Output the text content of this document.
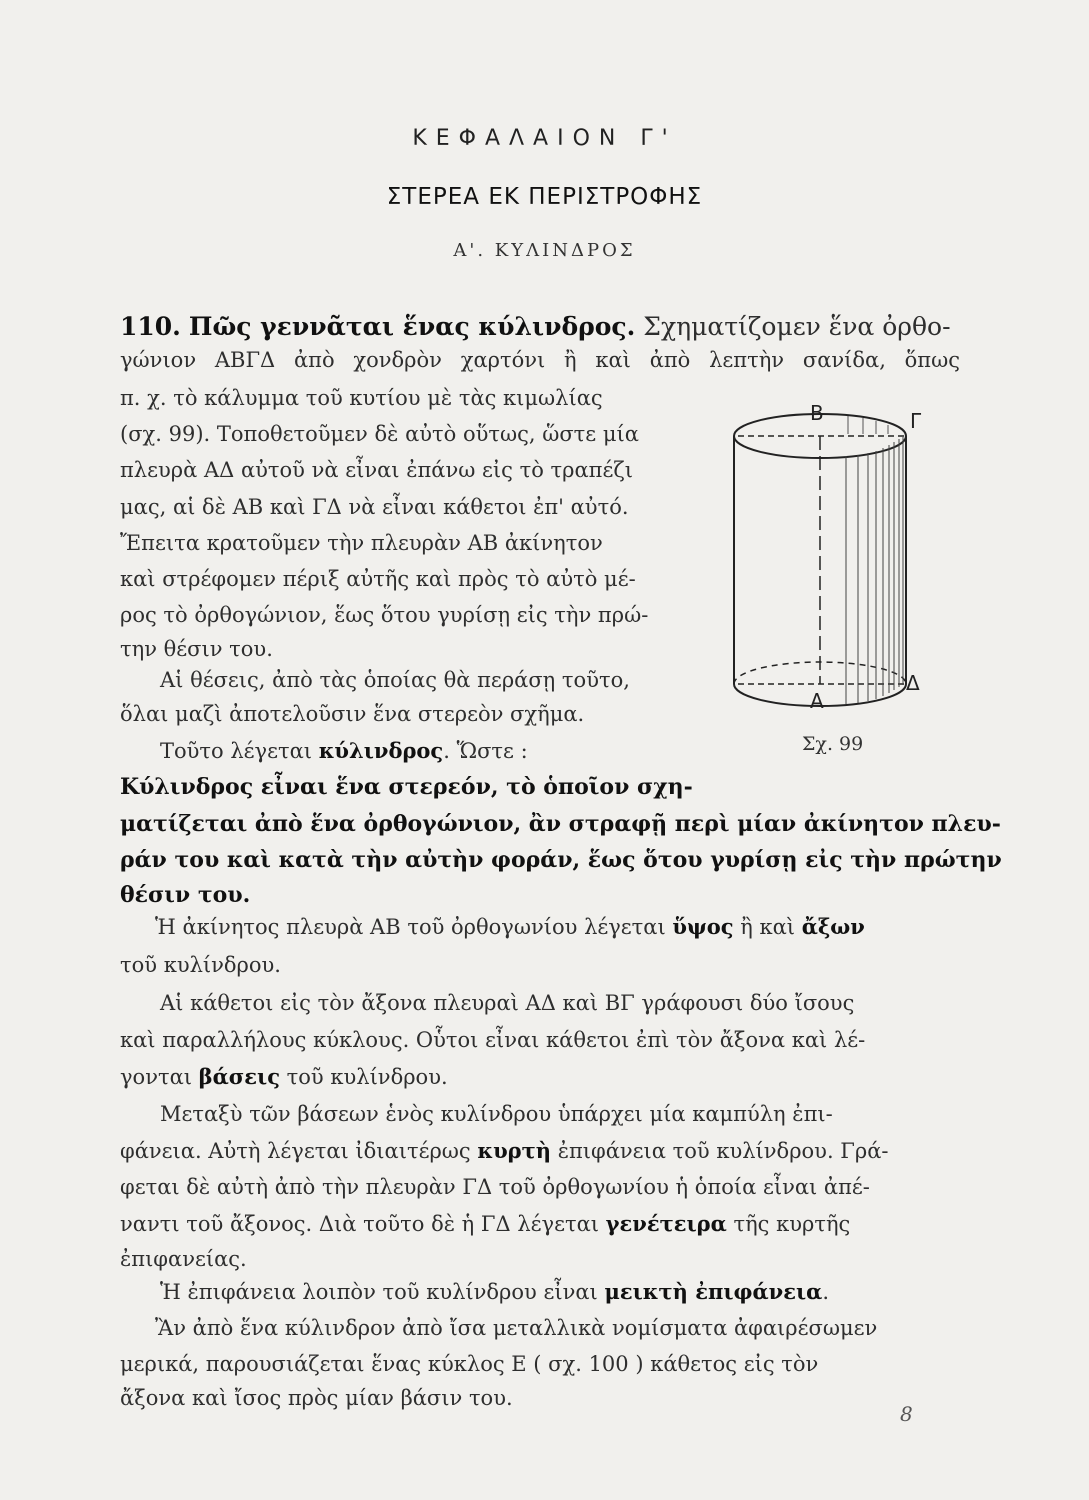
ΚΕΦΑΛΑΙΟΝ Γ'
ΣΤΕΡΕΑ ΕΚ ΠΕΡΙΣΤΡΟΦΗΣ
Α'. ΚΥΛΙΝΔΡΟΣ
110. Πῶς γεννᾶται ἕνας κύλινδρος. Σχηματίζομεν ἕνα ὀρθο-
γώνιον ΑΒΓΔ ἀπὸ χονδρὸν χαρτόνι ἢ καὶ ἀπὸ λεπτὴν σανίδα, ὅπως
π. χ. τὸ κάλυμμα τοῦ κυτίου μὲ τὰς κιμωλίας
(σχ. 99). Τοποθετοῦμεν δὲ αὐτὸ οὕτως, ὥστε μία
πλευρὰ ΑΔ αὐτοῦ νὰ εἶναι ἐπάνω εἰς τὸ τραπέζι
μας, αἱ δὲ ΑΒ καὶ ΓΔ νὰ εἶναι κάθετοι ἐπ' αὐτό.
Ἔπειτα κρατοῦμεν τὴν πλευρὰν ΑΒ ἀκίνητον
καὶ στρέφομεν πέριξ αὐτῆς καὶ πρὸς τὸ αὐτὸ μέ-
ρος τὸ ὀρθογώνιον, ἕως ὅτου γυρίσῃ εἰς τὴν πρώ-
την θέσιν του.
Αἱ θέσεις, ἀπὸ τὰς ὁποίας θὰ περάσῃ τοῦτο,
ὅλαι μαζὶ ἀποτελοῦσιν ἕνα στερεὸν σχῆμα.
Τοῦτο λέγεται κύλινδρος. Ὥστε :
Κύλινδρος εἶναι ἕνα στερεόν, τὸ ὁποῖον σχη-
ματίζεται ἀπὸ ἕνα ὀρθογώνιον, ἂν στραφῇ περὶ μίαν ἀκίνητον πλευ-
ράν του καὶ κατὰ τὴν αὐτὴν φοράν, ἕως ὅτου γυρίσῃ εἰς τὴν πρώτην
θέσιν του.
Ἡ ἀκίνητος πλευρὰ ΑΒ τοῦ ὀρθογωνίου λέγεται ὕψος ἢ καὶ ἄξων
τοῦ κυλίνδρου.
Αἱ κάθετοι εἰς τὸν ἄξονα πλευραὶ ΑΔ καὶ ΒΓ γράφουσι δύο ἴσους
καὶ παραλλήλους κύκλους. Οὗτοι εἶναι κάθετοι ἐπὶ τὸν ἄξονα καὶ λέ-
γονται βάσεις τοῦ κυλίνδρου.
Μεταξὺ τῶν βάσεων ἑνὸς κυλίνδρου ὑπάρχει μία καμπύλη ἐπι-
φάνεια. Αὐτὴ λέγεται ἰδιαιτέρως κυρτὴ ἐπιφάνεια τοῦ κυλίνδρου. Γρά-
φεται δὲ αὐτὴ ἀπὸ τὴν πλευρὰν ΓΔ τοῦ ὀρθογωνίου ἡ ὁποία εἶναι ἀπέ-
ναντι τοῦ ἄξονος. Διὰ τοῦτο δὲ ἡ ΓΔ λέγεται γενέτειρα τῆς κυρτῆς
ἐπιφανείας.
Ἡ ἐπιφάνεια λοιπὸν τοῦ κυλίνδρου εἶναι μεικτὴ ἐπιφάνεια.
Ἂν ἀπὸ ἕνα κύλινδρον ἀπὸ ἴσα μεταλλικὰ νομίσματα ἀφαιρέσωμεν
μερικά, παρουσιάζεται ἕνας κύκλος Ε ( σχ. 100 ) κάθετος εἰς τὸν
ἄξονα καὶ ἴσος πρὸς μίαν βάσιν του.
Β	Γ
Α
Δ
Σχ. 99
8
